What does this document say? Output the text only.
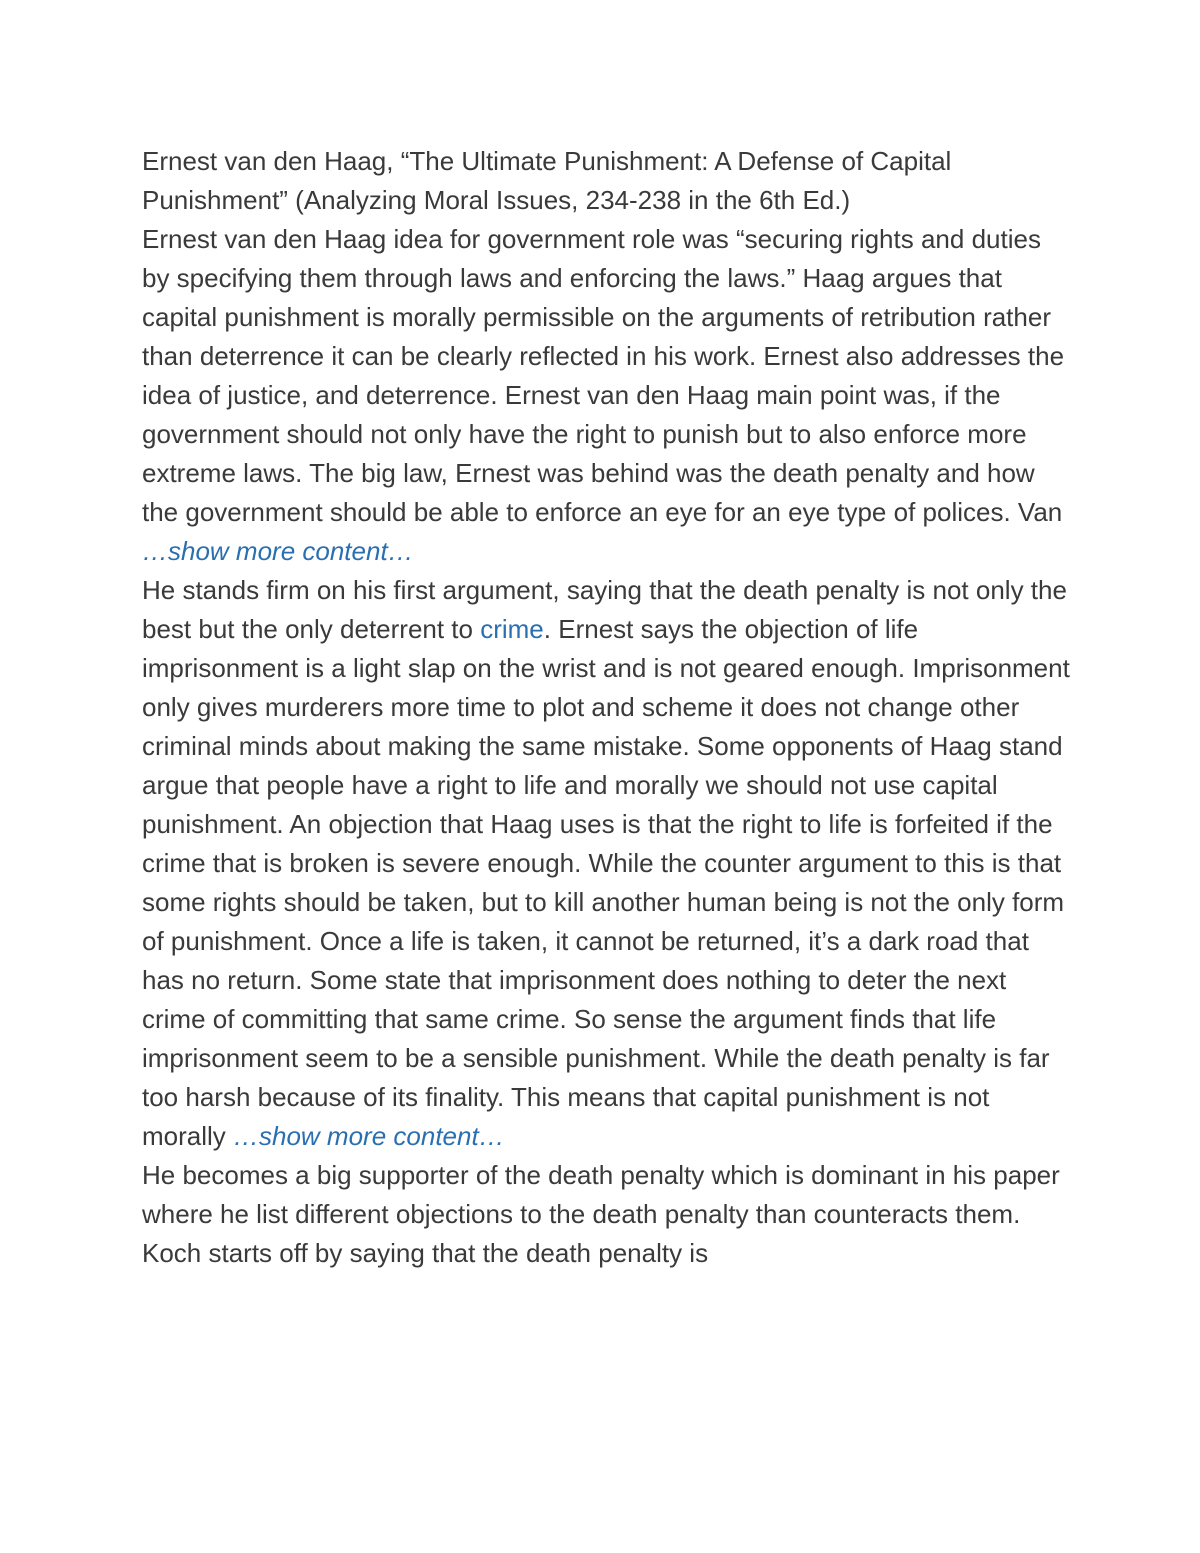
Ernest van den Haag, “The Ultimate Punishment: A Defense of Capital Punishment” (Analyzing Moral Issues, 234-238 in the 6th Ed.)

Ernest van den Haag idea for government role was “securing rights and duties by specifying them through laws and enforcing the laws.” Haag argues that capital punishment is morally permissible on the arguments of retribution rather than deterrence it can be clearly reflected in his work. Ernest also addresses the idea of justice, and deterrence. Ernest van den Haag main point was, if the government should not only have the right to punish but to also enforce more extreme laws. The big law, Ernest was behind was the death penalty and how the government should be able to enforce an eye for an eye type of polices. Van …show more content…

He stands firm on his first argument, saying that the death penalty is not only the best but the only deterrent to crime. Ernest says the objection of life imprisonment is a light slap on the wrist and is not geared enough. Imprisonment only gives murderers more time to plot and scheme it does not change other criminal minds about making the same mistake. Some opponents of Haag stand argue that people have a right to life and morally we should not use capital punishment. An objection that Haag uses is that the right to life is forfeited if the crime that is broken is severe enough. While the counter argument to this is that some rights should be taken, but to kill another human being is not the only form of punishment. Once a life is taken, it cannot be returned, it’s a dark road that has no return. Some state that imprisonment does nothing to deter the next crime of committing that same crime. So sense the argument finds that life imprisonment seem to be a sensible punishment. While the death penalty is far too harsh because of its finality. This means that capital punishment is not morally …show more content…

He becomes a big supporter of the death penalty which is dominant in his paper where he list different objections to the death penalty than counteracts them. Koch starts off by saying that the death penalty is
